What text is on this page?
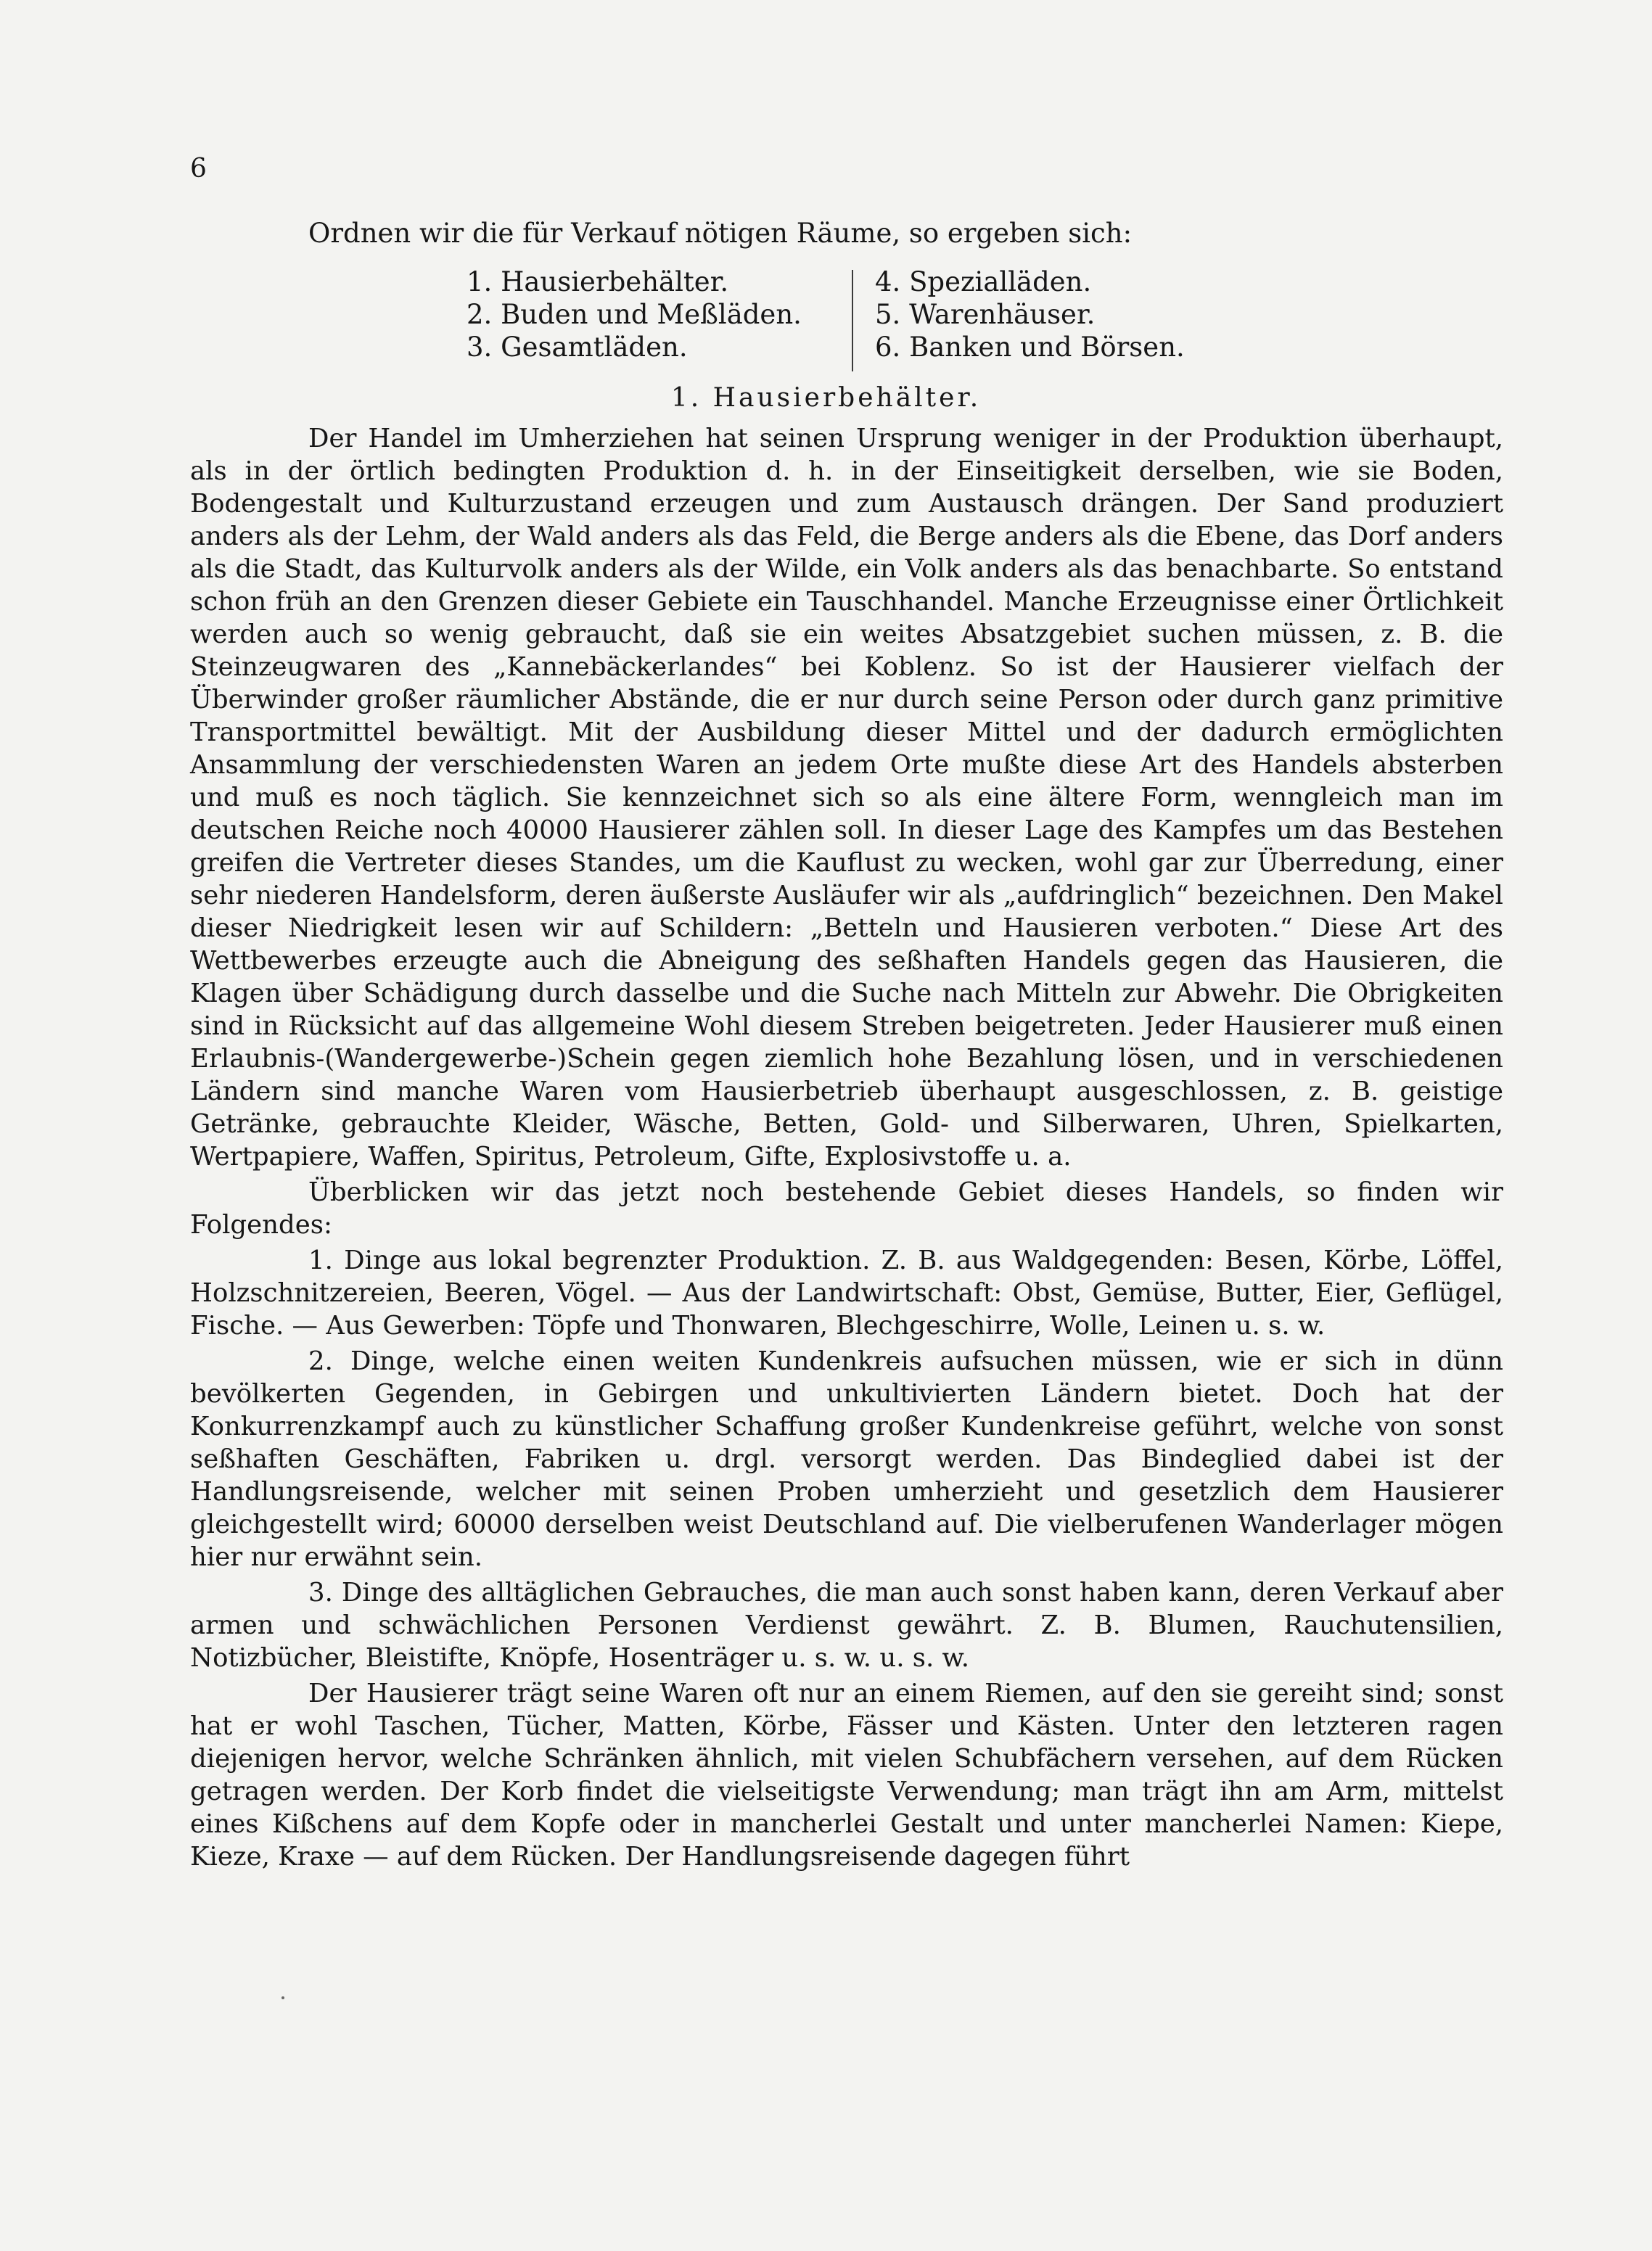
6
Ordnen wir die für Verkauf nötigen Räume, so ergeben sich:
1. Hausierbehälter.
2. Buden und Meßläden.
3. Gesamtläden.
4. Spezialläden.
5. Warenhäuser.
6. Banken und Börsen.
1. Hausierbehälter.

Der Handel im Umherziehen hat seinen Ursprung weniger in der Produktion überhaupt, als in der örtlich bedingten Produktion d. h. in der Einseitigkeit derselben, wie sie Boden, Bodengestalt und Kulturzustand erzeugen und zum Austausch drängen. Der Sand produziert anders als der Lehm, der Wald anders als das Feld, die Berge anders als die Ebene, das Dorf anders als die Stadt, das Kulturvolk anders als der Wilde, ein Volk anders als das benachbarte. So entstand schon früh an den Grenzen dieser Gebiete ein Tauschhandel. Manche Erzeugnisse einer Örtlichkeit werden auch so wenig gebraucht, daß sie ein weites Absatzgebiet suchen müssen, z. B. die Steinzeugwaren des „Kannebäckerlandes“ bei Koblenz. So ist der Hausierer vielfach der Überwinder großer räumlicher Abstände, die er nur durch seine Person oder durch ganz primitive Transportmittel bewältigt. Mit der Ausbildung dieser Mittel und der dadurch ermöglichten Ansammlung der verschiedensten Waren an jedem Orte mußte diese Art des Handels absterben und muß es noch täglich. Sie kennzeichnet sich so als eine ältere Form, wenngleich man im deutschen Reiche noch 40000 Hausierer zählen soll. In dieser Lage des Kampfes um das Bestehen greifen die Vertreter dieses Standes, um die Kauflust zu wecken, wohl gar zur Überredung, einer sehr niederen Handelsform, deren äußerste Ausläufer wir als „aufdringlich“ bezeichnen. Den Makel dieser Niedrigkeit lesen wir auf Schildern: „Betteln und Hausieren verboten.“ Diese Art des Wettbewerbes erzeugte auch die Abneigung des seßhaften Handels gegen das Hausieren, die Klagen über Schädigung durch dasselbe und die Suche nach Mitteln zur Abwehr. Die Obrigkeiten sind in Rücksicht auf das allgemeine Wohl diesem Streben beigetreten. Jeder Hausierer muß einen Erlaubnis-(Wandergewerbe-)Schein gegen ziemlich hohe Bezahlung lösen, und in verschiedenen Ländern sind manche Waren vom Hausierbetrieb überhaupt ausgeschlossen, z. B. geistige Getränke, gebrauchte Kleider, Wäsche, Betten, Gold- und Silberwaren, Uhren, Spielkarten, Wertpapiere, Waffen, Spiritus, Petroleum, Gifte, Explosivstoffe u. a.

Überblicken wir das jetzt noch bestehende Gebiet dieses Handels, so finden wir Folgendes:

1. Dinge aus lokal begrenzter Produktion. Z. B. aus Waldgegenden: Besen, Körbe, Löffel, Holzschnitzereien, Beeren, Vögel. — Aus der Landwirtschaft: Obst, Gemüse, Butter, Eier, Geflügel, Fische. — Aus Gewerben: Töpfe und Thonwaren, Blechgeschirre, Wolle, Leinen u. s. w.

2. Dinge, welche einen weiten Kundenkreis aufsuchen müssen, wie er sich in dünn bevölkerten Gegenden, in Gebirgen und unkultivierten Ländern bietet. Doch hat der Konkurrenzkampf auch zu künstlicher Schaffung großer Kundenkreise geführt, welche von sonst seßhaften Geschäften, Fabriken u. drgl. versorgt werden. Das Bindeglied dabei ist der Handlungsreisende, welcher mit seinen Proben umherzieht und gesetzlich dem Hausierer gleichgestellt wird; 60000 derselben weist Deutschland auf. Die vielberufenen Wanderlager mögen hier nur erwähnt sein.

3. Dinge des alltäglichen Gebrauches, die man auch sonst haben kann, deren Verkauf aber armen und schwächlichen Personen Verdienst gewährt. Z. B. Blumen, Rauchutensilien, Notizbücher, Bleistifte, Knöpfe, Hosenträger u. s. w. u. s. w.

Der Hausierer trägt seine Waren oft nur an einem Riemen, auf den sie gereiht sind; sonst hat er wohl Taschen, Tücher, Matten, Körbe, Fässer und Kästen. Unter den letzteren ragen diejenigen hervor, welche Schränken ähnlich, mit vielen Schubfächern versehen, auf dem Rücken getragen werden. Der Korb findet die vielseitigste Verwendung; man trägt ihn am Arm, mittelst eines Kißchens auf dem Kopfe oder in mancherlei Gestalt und unter mancherlei Namen: Kiepe, Kieze, Kraxe — auf dem Rücken. Der Handlungsreisende dagegen führt
